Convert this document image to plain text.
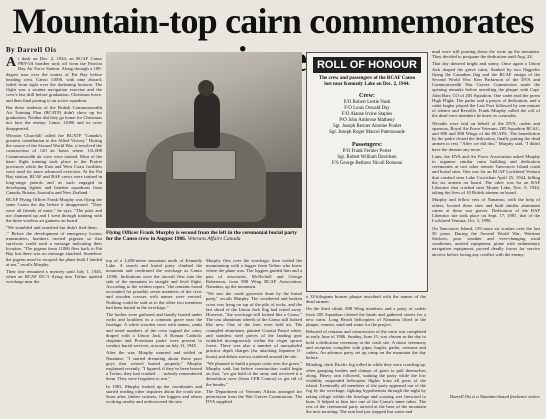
Mountain-top cairn commemorates
By Darrell Ois

At dusk on Dec. 2, 1944, an RCAF Canso PBY-5A bomber took off from the Patricia Bay Air Force Station. Along through a 180-degree turn over the waters of Pat Bay before heading west, Canso 11006, with nine aboard, failed from sight over the darkening horizon. The flight was a routine navigation exercise and the crew's last drill before graduation. Christmas leave, and then final posting to an active squadron.

But these students of the British Commonwealth Air Training Plan (BCATP) didn't show up for graduation. Neither did they go home for Christmas nor face the enemy. Canso 11006 and its crew disappeared.

Winston Churchill called the BCATP "Canada's greatest contribution to the Allied Victory." During the course of the Second World War, it involved the construction of 120 air bases where 131,000 Commonwealth air crew were trained. Most of the basic flight training took place in the Prairie provinces while the East and West Coast facilities were used for more advanced exercises. At the Pat Bay station, RCAF and RAF crews were trained in long-range patrols and as such engaged in developing fighter and bomber squadrons from Canada, Britain, Australia and New Zealand.

RCAF Flying Officer Frank Murphy was flying the same Canso the day before it disappeared. "They were all friends of mine," he says. "The pilot and me chummed up and I went through training with the three wireless air gunners on board.

"We stumbled and searched but didn't find them . . ." Before the development of emergency locator transmitters, bombers carried pigeons so that survivors could send a message indicating their location. "The pigeon from 11006 flew back to Pat Bay but there was no message attached. Somehow the pigeon must've escaped the plane built I landed at sea," recalls Murphy.

Their fate remained a mystery until July 1, 1945, when an RCAF DC-3 flying into Tofino spotted wreckage near the

Flying Officer Frank Murphy is second from the left in the ceremonial burial party for the Canso crew in August 1986. Veterans Affairs Canada

top of a 1,200-metre mountain north of Kennedy Lake. A search and burial party climbed the mountain and confirmed the wreckage as Canso 11006. Indications were the aircraft flew into the side of the mountain in straight and level flight. According to the written report, "the remains found accounted for possibly seven members of the crew and wooden crosses with names were erected. Nothing could be said as to the other two members had been buried in the wreckage."

The bodies were gathered and hastily buried under rocks and boulders in a common grave near the fuselage. A white wooden cross with names, ranks and serial numbers of the crew topped the cairn, draped with a Union Jack. A Roman Catholic chaplain and Protestant padre were present to conduct burial services, at noon on July 11, 1945.

After the war, Murphy married and settled in Nanaimo. "I started dreaming about those poor guys that weren't buried properly," Murphy explained recently. "I figured, if they've been buried a Tofino, they had crashed . . . nobody remembered them. They were forgotten to rest."

In 1983, Murphy looked up the coordinates and started reading other inquiries about the crash site. Soon after, timber cruisers, fire loggers and others working nearby and rediscovered the site.

Murphy flew over the wreckage, then visited the mountaintop with a logger from Tofino who knew where the plane was. The loggers guided him and a pair of associates, McNicholl and George Robertson, from 808 Wing RCAF Association, Nanaimo, up the mountain.

"We saw the crude gravesite done by the burial party," recalls Murphy. The weathered and broken cross was lying on top of the pile of rocks, and the last shred of the Union Jack flag had rotted away. However, "the wreckage still looked like a Canso." The cast aluminum wheels of the Canso still looked like new. One of the tires even held air. The crumpled aluminum, painted Coastal Patrol white, and stainless steel pieces of the landing gear twinkled incongruously within the virgin spruce forest. There was also a number of unexploded practice depth charges (for attacking Japanese U-boats) and debris strewn scattered around the site.

"We planned to build a proper cairn over the grave," Murphy said, but before construction could begin on that, "we got hold of the army and received it a demolition crew (from CFB Comox) to get rid of the bombs."

The Department of Veterans Affairs arranged for permission from the War Graves Commission. The DVA supplied

ROLL OF HONOUR
The crew and passengers of the RCAF Canso lost near Kennedy Lake on Dec. 2, 1944.
Crew:
F/O Robert Leslie Nash
F/O Louis Oswald Day
F/O Alanse Irvine Staples
P/O John Ambrose Matheny
Sgt. Joseph Rexner Antoine Poulet
Sgt. Joseph Roger Marcel Paterneaude
Passengers:
P/O Frank Fernier Porter
Sgt. Robert William Davidson
F/S George Bethour Nicoll Romeau

a 32-kilogram bronze plaque inscribed with the names of the dead airmen.

On the third climb, 808 Wing members and a party of cadets from 205 Squadron cleared the brush and gathered stones for a new cairn. Long Beach helicopters of Nanaimo lifted in the plaque, cement, sand and water for the project.

Reburial of remains and construction of the cairn was completed in early June of 1986. Sunday, June 15, was chosen as the day to hold a dedication ceremony at the crash site. A dawn ceremony and reception complete with piper, bugler, padre, veterans and cadets. An advance party set up camp on the mountain the day before.

Blinding, thick Pacific fog rolled in while they were crawling up, often grasping bushes and clumps of grass to pull themselves along. Heavy rain followed, soaking the party while the low visibility suspended helicopter flights from all ports of the island. Eventually all members of the party appeared out of the fog by the wreckage, fighting hypothermia through the night by taking refuge within the fuselage and coaxing wet firewood to burn. It helped to him into one of the Canso's inner tubes. The rest of the ceremonial party arrived at the base of the mountain the next morning. The rain had just stopped but water and

mud were still pouring down the route up the mountain. They decided to postpone the dedication until Aug. 24.

That day dawned bright and sunny. Once again a Union Jack draped the grave cairn, flanked by two flagpoles flying the Canadian flag and the RCAF ensign of the Second World War. Ken Parkinson of the DVA and Commonwealth War Graves Commission made the opening remarks before unveiling the plaque with Capt. John Barr, CO of 205 Squadron. One cadet read the poem High Flight. The padre said a prayer of dedication, and a cadet bugler played the Last Post followed by one minute of silence and Reveille. Frank Murphy called the roll of the dead crew members he knew as comrades.

Wreaths were laid on behalf of the DVA, cadets and sponsors, Royal Air Force Veterans, 205 Squadron RCAC, and 808 and 808 Wings of the RCAFA. The benediction by the padre closed the dedication, finally putting the dead airmen to rest. "After we did this," Murphy said, "I didn't have the dreams any more."

Later, the DVA and Air Force Association asked Murphy to organize similar cairn building and dedication ceremonies at two other remote Vancouver Island crash and burial sites. One was for an RCAF Lockheed Ventura that crashed near Lake Cowichan April 25, 1944, killing the six airmen on board. The other was for an RAF Liberator that crashed near Mount Lake, Nov. 9, 1944, taking the lives of 10 British airmen on board.

Murphy and fellow vets of Nanaimo, with the help of others, located these sites and built similar aluminum cairns at these war graves. Dedication of the RAF Liberator site took place on Sept. 17, 1987, that of the Lockheed Ventura, Oct. 3, 1996.

On Vancouver Island, 139 more air crashes over the last 50 years. During the Second World War, Wartime Stickers, poor weather and ever-changing wind conditions, untried equipment, plane with rudimentary navigation equipment, proved deadly forces for service aircrew before facing any conflict with the enemy.

Darrell Ois is a Nanaimo-based freelance writer.
